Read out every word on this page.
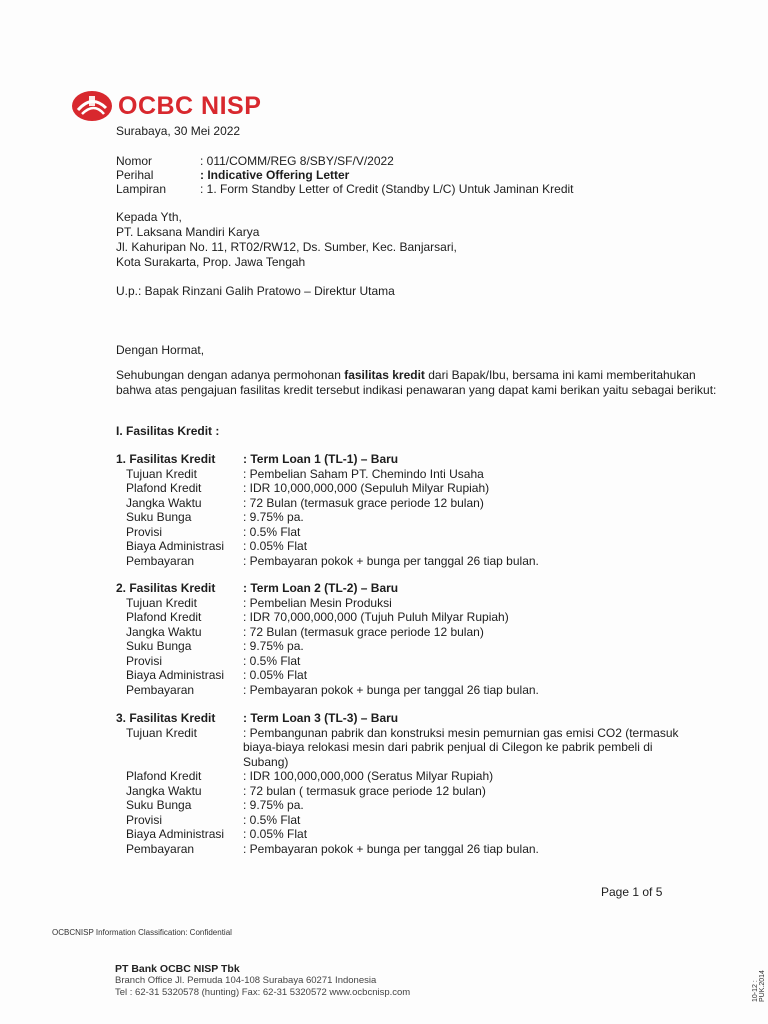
OCBC NISP
Surabaya, 30 Mei 2022
Nomor	: 011/COMM/REG 8/SBY/SF/V/2022
Perihal	: Indicative Offering Letter
Lampiran	: 1. Form Standby Letter of Credit (Standby L/C) Untuk Jaminan Kredit
Kepada Yth,
PT. Laksana Mandiri Karya
Jl. Kahuripan No. 11, RT02/RW12, Ds. Sumber, Kec. Banjarsari,
Kota Surakarta, Prop. Jawa Tengah
U.p.: Bapak Rinzani Galih Pratowo – Direktur Utama
Dengan Hormat,
Sehubungan dengan adanya permohonan fasilitas kredit dari Bapak/Ibu, bersama ini kami memberitahukan
bahwa atas pengajuan fasilitas kredit tersebut indikasi penawaran yang dapat kami berikan yaitu sebagai berikut:
I. Fasilitas Kredit :
1. Fasilitas Kredit : Term Loan 1 (TL-1) – Baru
Tujuan Kredit	: Pembelian Saham PT. Chemindo Inti Usaha
Plafond Kredit	: IDR 10,000,000,000 (Sepuluh Milyar Rupiah)
Jangka Waktu	: 72 Bulan (termasuk grace periode 12 bulan)
Suku Bunga	: 9.75% pa.
Provisi	: 0.5% Flat
Biaya Administrasi : 0.05% Flat
Pembayaran	: Pembayaran pokok + bunga per tanggal 26 tiap bulan.
2. Fasilitas Kredit : Term Loan 2 (TL-2) – Baru
Tujuan Kredit	: Pembelian Mesin Produksi
Plafond Kredit	: IDR 70,000,000,000 (Tujuh Puluh Milyar Rupiah)
Jangka Waktu	: 72 Bulan (termasuk grace periode 12 bulan)
Suku Bunga	: 9.75% pa.
Provisi	: 0.5% Flat
Biaya Administrasi : 0.05% Flat
Pembayaran	: Pembayaran pokok + bunga per tanggal 26 tiap bulan.
3. Fasilitas Kredit : Term Loan 3 (TL-3) – Baru
Tujuan Kredit	: Pembangunan pabrik dan konstruksi mesin pemurnian gas emisi CO2 (termasuk
biaya-biaya relokasi mesin dari pabrik penjual di Cilegon ke pabrik pembeli di
Subang)
Plafond Kredit	: IDR 100,000,000,000 (Seratus Milyar Rupiah)
Jangka Waktu	: 72 bulan ( termasuk grace periode 12 bulan)
Suku Bunga	: 9.75% pa.
Provisi	: 0.5% Flat
Biaya Administrasi : 0.05% Flat
Pembayaran	: Pembayaran pokok + bunga per tanggal 26 tiap bulan.
Page 1 of 5
OCBCNISP Information Classification: Confidential
PT Bank OCBC NISP Tbk
Branch Office Jl. Pemuda 104-108 Surabaya 60271 Indonesia
Tel : 62-31 5320578 (hunting) Fax: 62-31 5320572 www.ocbcnisp.com	10-12 : PUK.2014
